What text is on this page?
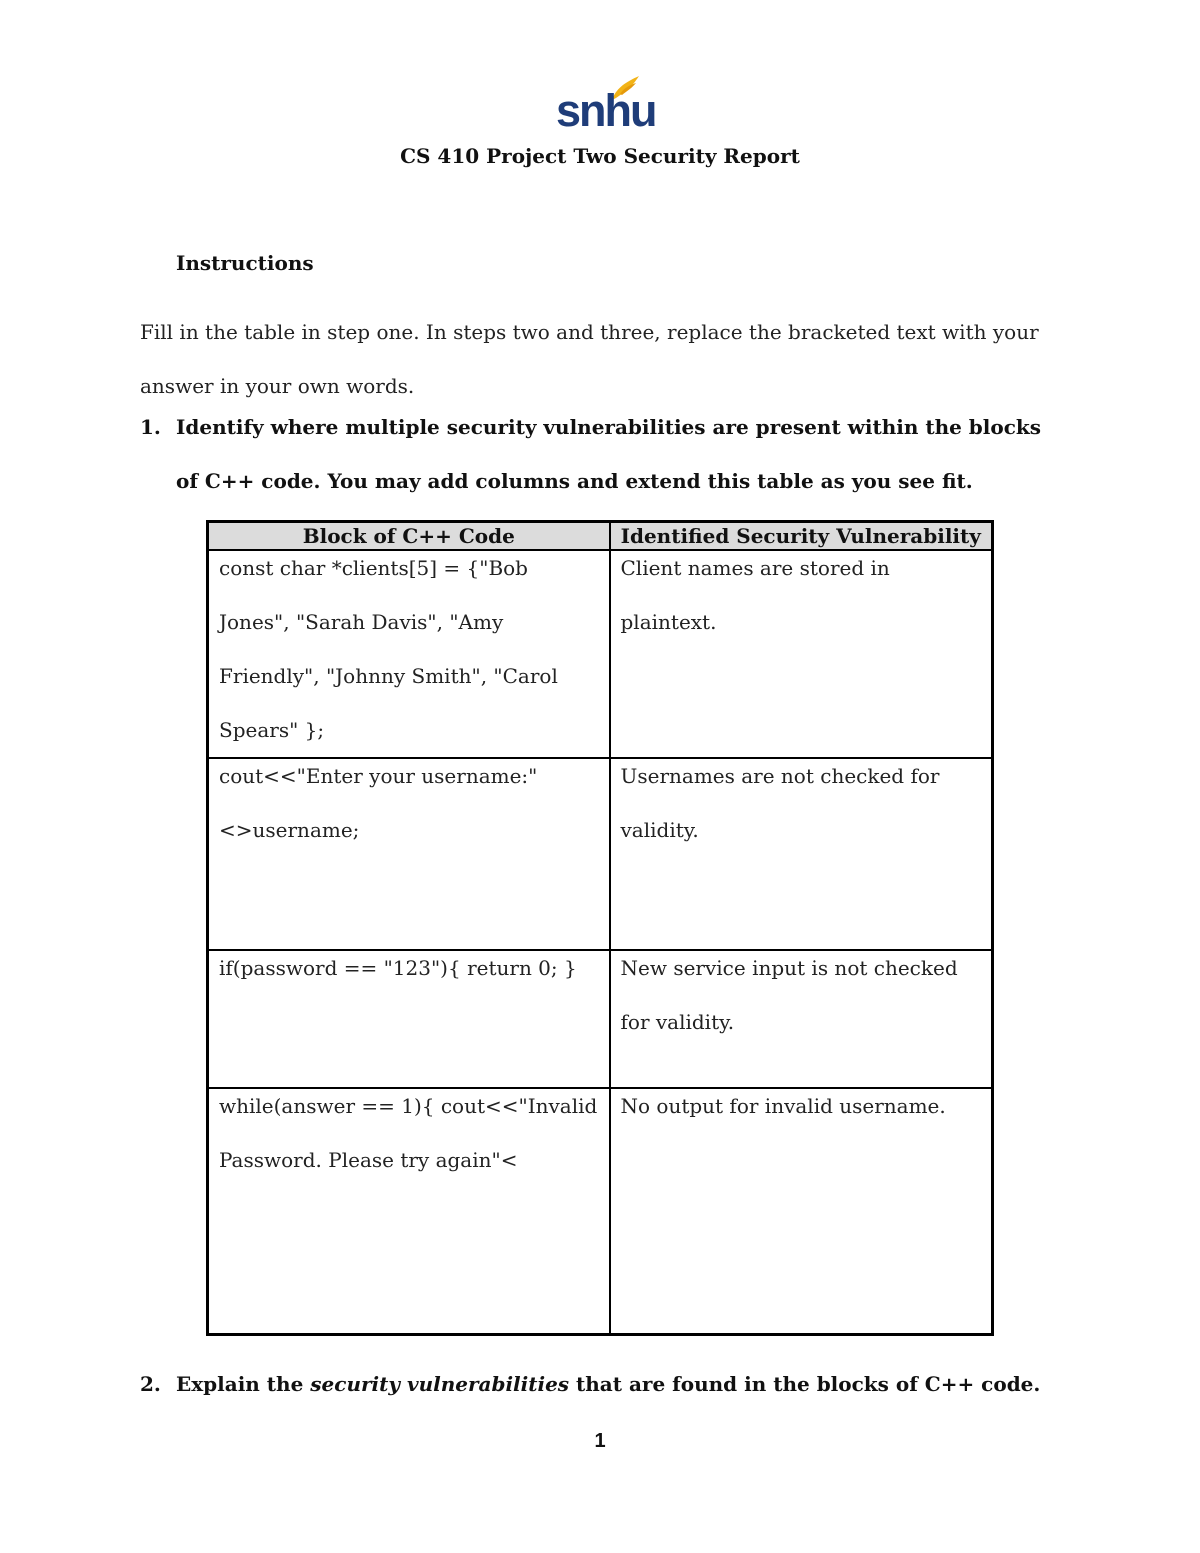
snhu
CS 410 Project Two Security Report
Instructions
Fill in the table in step one. In steps two and three, replace the bracketed text with your answer in your own words.
1. Identify where multiple security vulnerabilities are present within the blocks of C++ code. You may add columns and extend this table as you see fit.
Block of C++ Code	Identified Security Vulnerability

const char *clients[5] = {"Bob Jones", "Sarah Davis", "Amy Friendly", "Johnny Smith", "Carol Spears" };	Client names are stored in plaintext.

cout<<"Enter your username:"<>username;	Usernames are not checked for validity.

if(password == "123"){ return 0; }	New service input is not checked for validity.

while(answer == 1){ cout<<"Invalid Password. Please try again"<	No output for invalid username.

2. Explain the security vulnerabilities that are found in the blocks of C++ code.
1
